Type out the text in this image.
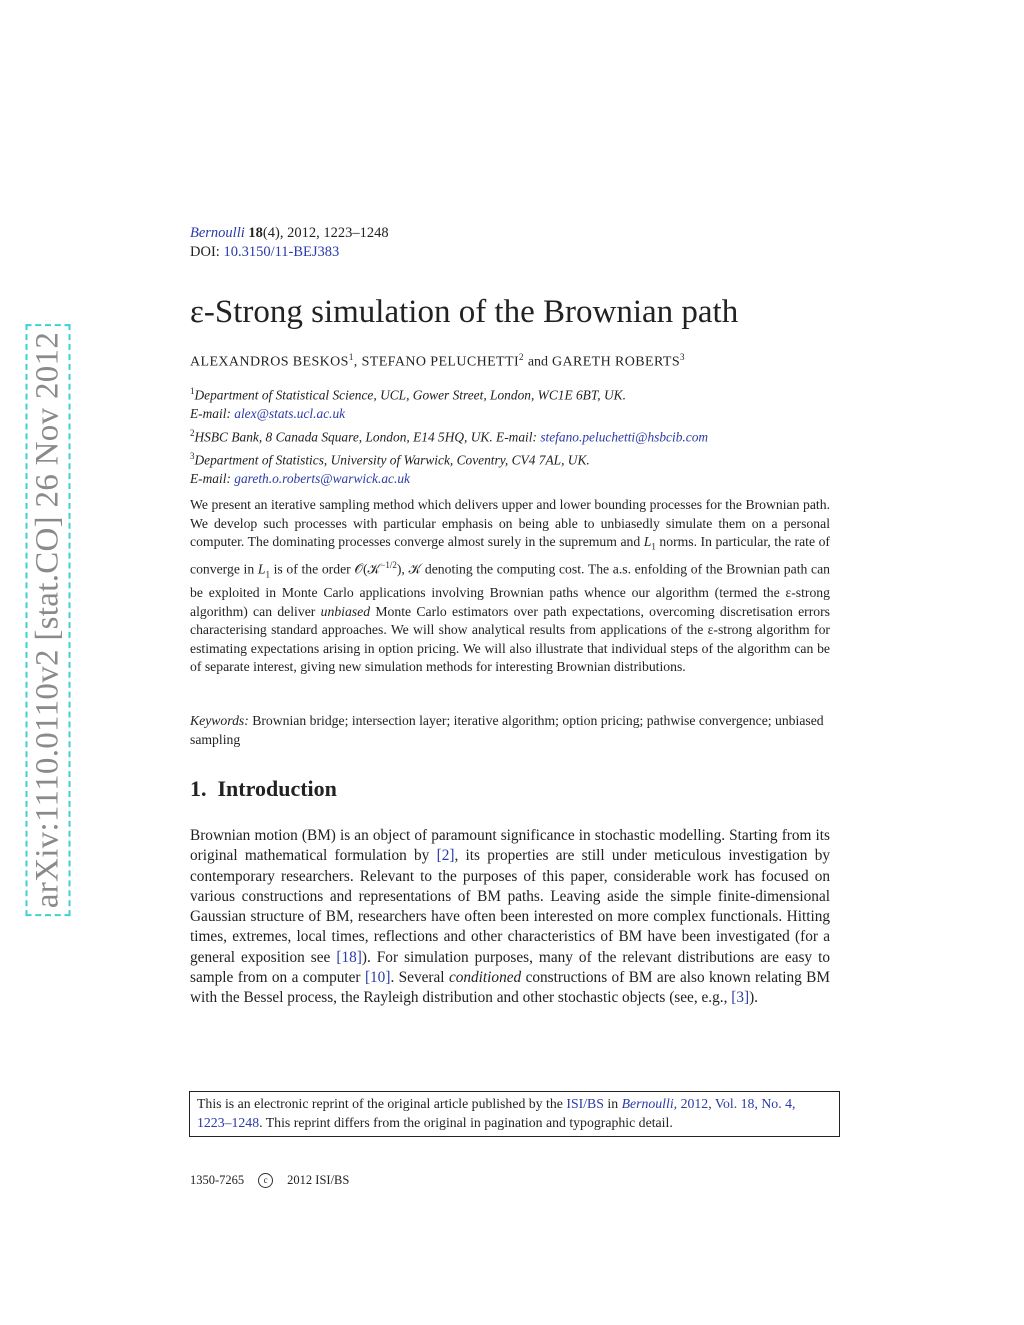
arXiv:1110.0110v2 [stat.CO] 26 Nov 2012
Bernoulli 18(4), 2012, 1223–1248
DOI: 10.3150/11-BEJ383
ε-Strong simulation of the Brownian path
ALEXANDROS BESKOS$^1$, STEFANO PELUCHETTI$^2$ and GARETH ROBERTS$^3$
$^1$Department of Statistical Science, UCL, Gower Street, London, WC1E 6BT, UK.
E-mail: alex@stats.ucl.ac.uk
$^2$HSBC Bank, 8 Canada Square, London, E14 5HQ, UK. E-mail: stefano.peluchetti@hsbcib.com
$^3$Department of Statistics, University of Warwick, Coventry, CV4 7AL, UK.
E-mail: gareth.o.roberts@warwick.ac.uk

We present an iterative sampling method which delivers upper and lower bounding processes for the Brownian path. We develop such processes with particular emphasis on being able to unbiasedly simulate them on a personal computer. The dominating processes converge almost surely in the supremum and $L_1$ norms. In particular, the rate of converge in $L_1$ is of the order 𝒪(𝒦$^{-1/2}$), 𝒦 denoting the computing cost. The a.s. enfolding of the Brownian path can be exploited in Monte Carlo applications involving Brownian paths whence our algorithm (termed the ε-strong algorithm) can deliver unbiased Monte Carlo estimators over path expectations, overcoming discretisation errors characterising standard approaches. We will show analytical results from applications of the ε-strong algorithm for estimating expectations arising in option pricing. We will also illustrate that individual steps of the algorithm can be of separate interest, giving new simulation methods for interesting Brownian distributions.

Keywords: Brownian bridge; intersection layer; iterative algorithm; option pricing; pathwise convergence; unbiased sampling

1. Introduction

Brownian motion (BM) is an object of paramount significance in stochastic modelling. Starting from its original mathematical formulation by [2], its properties are still under meticulous investigation by contemporary researchers. Relevant to the purposes of this paper, considerable work has focused on various constructions and representations of BM paths. Leaving aside the simple finite-dimensional Gaussian structure of BM, researchers have often been interested on more complex functionals. Hitting times, extremes, local times, reflections and other characteristics of BM have been investigated (for a general exposition see [18]). For simulation purposes, many of the relevant distributions are easy to sample from on a computer [10]. Several conditioned constructions of BM are also known relating BM with the Bessel process, the Rayleigh distribution and other stochastic objects (see, e.g., [3]).

This is an electronic reprint of the original article published by the ISI/BS in Bernoulli, 2012, Vol. 18, No. 4, 1223–1248. This reprint differs from the original in pagination and typographic detail.
1350-7265 c 2012 ISI/BS
